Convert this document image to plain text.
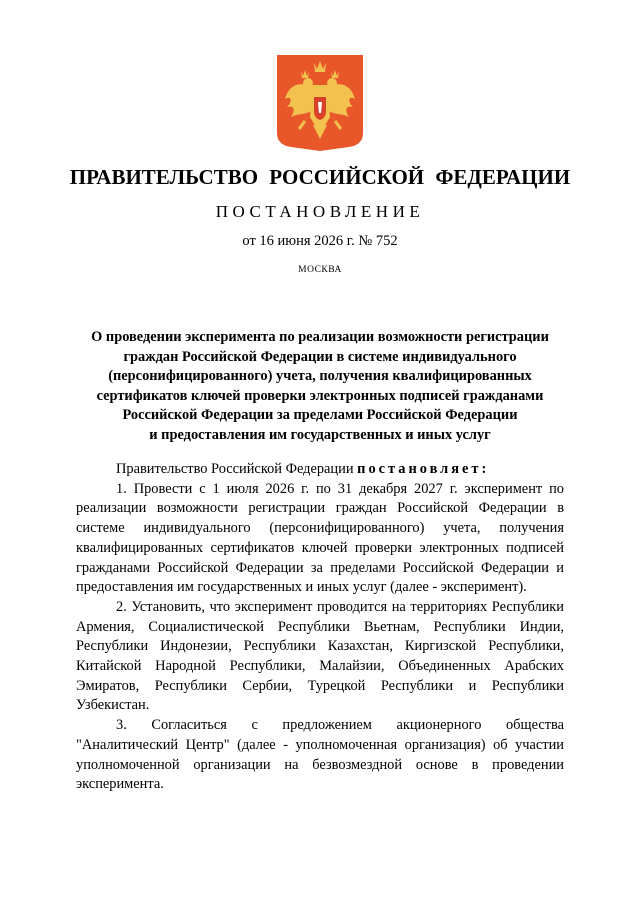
ПРАВИТЕЛЬСТВО РОССИЙСКОЙ ФЕДЕРАЦИИ
ПОСТАНОВЛЕНИЕ
от 16 июня 2026 г. № 752
МОСКВА
О проведении эксперимента по реализации возможности регистрации
граждан Российской Федерации в системе индивидуального
(персонифицированного) учета, получения квалифицированных
сертификатов ключей проверки электронных подписей гражданами
Российской Федерации за пределами Российской Федерации
и предоставления им государственных и иных услуг

Правительство Российской Федерации постановляет:

1. Провести с 1 июля 2026 г. по 31 декабря 2027 г. эксперимент по реализации возможности регистрации граждан Российской Федерации в системе индивидуального (персонифицированного) учета, получения квалифицированных сертификатов ключей проверки электронных подписей гражданами Российской Федерации за пределами Российской Федерации и предоставления им государственных и иных услуг (далее - эксперимент).

2. Установить, что эксперимент проводится на территориях Республики Армения, Социалистической Республики Вьетнам, Республики Индии, Республики Индонезии, Республики Казахстан, Киргизской Республики, Китайской Народной Республики, Малайзии, Объединенных Арабских Эмиратов, Республики Сербии, Турецкой Республики и Республики Узбекистан.

3. Согласиться с предложением акционерного общества "Аналитический Центр" (далее - уполномоченная организация) об участии уполномоченной организации на безвозмездной основе в проведении эксперимента.
